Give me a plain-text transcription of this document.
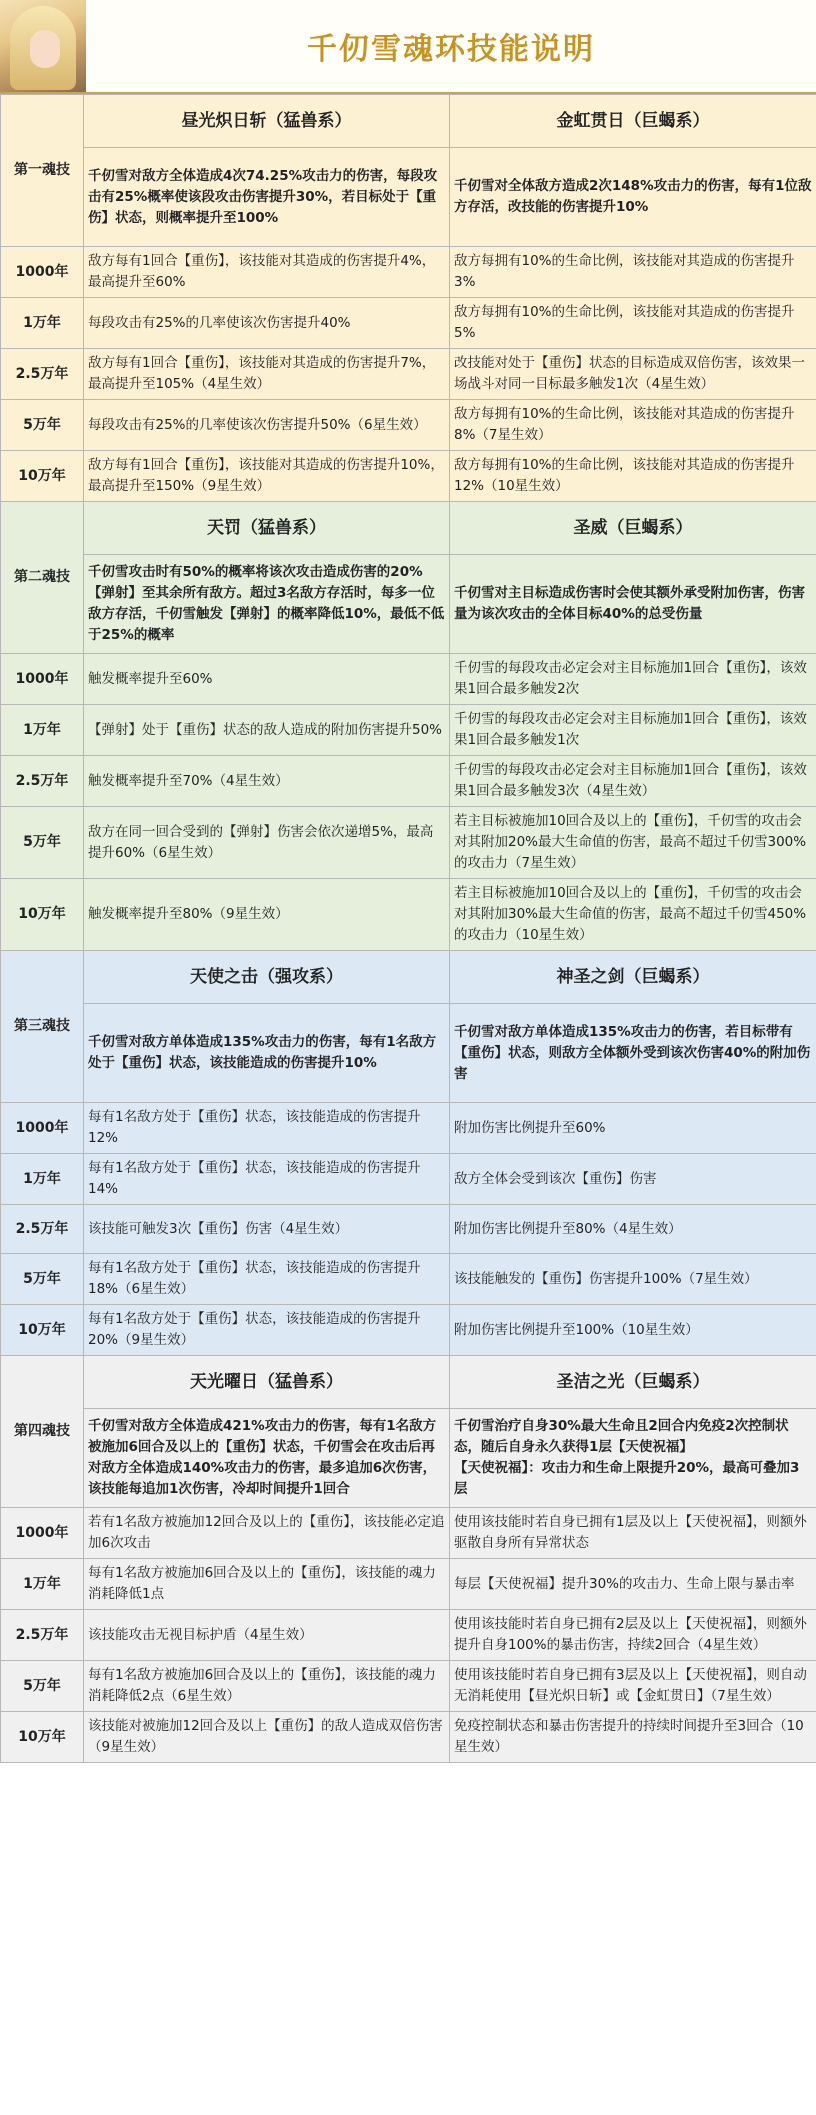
千仞雪魂环技能说明
第一魂技	昼光炽日斩（猛兽系）	金虹贯日（巨蝎系）
	千仞雪对敌方全体造成4次74.25%攻击力的伤害，每段攻击有25%概率使该段攻击伤害提升30%，若目标处于【重伤】状态，则概率提升至100%	千仞雪对全体敌方造成2次148%攻击力的伤害，每有1位敌方存活，改技能的伤害提升10%
1000年	敌方每有1回合【重伤】，该技能对其造成的伤害提升4%，最高提升至60%	敌方每拥有10%的生命比例，该技能对其造成的伤害提升3%
1万年	每段攻击有25%的几率使该次伤害提升40%	敌方每拥有10%的生命比例，该技能对其造成的伤害提升5%
2.5万年	敌方每有1回合【重伤】，该技能对其造成的伤害提升7%，最高提升至105%（4星生效）	改技能对处于【重伤】状态的目标造成双倍伤害，该效果一场战斗对同一目标最多触发1次（4星生效）
5万年	每段攻击有25%的几率使该次伤害提升50%（6星生效）	敌方每拥有10%的生命比例，该技能对其造成的伤害提升8%（7星生效）
10万年	敌方每有1回合【重伤】，该技能对其造成的伤害提升10%，最高提升至150%（9星生效）	敌方每拥有10%的生命比例，该技能对其造成的伤害提升12%（10星生效）
第二魂技	天罚（猛兽系）	圣威（巨蝎系）
	千仞雪攻击时有50%的概率将该次攻击造成伤害的20%【弹射】至其余所有敌方。超过3名敌方存活时，每多一位敌方存活，千仞雪触发【弹射】的概率降低10%，最低不低于25%的概率	千仞雪对主目标造成伤害时会使其额外承受附加伤害，伤害量为该次攻击的全体目标40%的总受伤量
1000年	触发概率提升至60%	千仞雪的每段攻击必定会对主目标施加1回合【重伤】，该效果1回合最多触发2次
1万年	【弹射】处于【重伤】状态的敌人造成的附加伤害提升50%	千仞雪的每段攻击必定会对主目标施加1回合【重伤】，该效果1回合最多触发1次
2.5万年	触发概率提升至70%（4星生效）	千仞雪的每段攻击必定会对主目标施加1回合【重伤】，该效果1回合最多触发3次（4星生效）
5万年	敌方在同一回合受到的【弹射】伤害会依次递增5%，最高提升60%（6星生效）	若主目标被施加10回合及以上的【重伤】，千仞雪的攻击会对其附加20%最大生命值的伤害，最高不超过千仞雪300%的攻击力（7星生效）
10万年	触发概率提升至80%（9星生效）	若主目标被施加10回合及以上的【重伤】，千仞雪的攻击会对其附加30%最大生命值的伤害，最高不超过千仞雪450%的攻击力（10星生效）
第三魂技	天使之击（强攻系）	神圣之剑（巨蝎系）
	千仞雪对敌方单体造成135%攻击力的伤害，每有1名敌方处于【重伤】状态，该技能造成的伤害提升10%	千仞雪对敌方单体造成135%攻击力的伤害，若目标带有【重伤】状态，则敌方全体额外受到该次伤害40%的附加伤害
1000年	每有1名敌方处于【重伤】状态，该技能造成的伤害提升12%	附加伤害比例提升至60%
1万年	每有1名敌方处于【重伤】状态，该技能造成的伤害提升14%	敌方全体会受到该次【重伤】伤害
2.5万年	该技能可触发3次【重伤】伤害（4星生效）	附加伤害比例提升至80%（4星生效）
5万年	每有1名敌方处于【重伤】状态，该技能造成的伤害提升18%（6星生效）	该技能触发的【重伤】伤害提升100%（7星生效）
10万年	每有1名敌方处于【重伤】状态，该技能造成的伤害提升20%（9星生效）	附加伤害比例提升至100%（10星生效）
第四魂技	天光曜日（猛兽系）	圣洁之光（巨蝎系）
	千仞雪对敌方全体造成421%攻击力的伤害，每有1名敌方被施加6回合及以上的【重伤】状态，千仞雪会在攻击后再对敌方全体造成140%攻击力的伤害，最多追加6次伤害，该技能每追加1次伤害，冷却时间提升1回合	千仞雪治疗自身30%最大生命且2回合内免疫2次控制状态，随后自身永久获得1层【天使祝福】
【天使祝福】：攻击力和生命上限提升20%，最高可叠加3层
1000年	若有1名敌方被施加12回合及以上的【重伤】，该技能必定追加6次攻击	使用该技能时若自身已拥有1层及以上【天使祝福】，则额外驱散自身所有异常状态
1万年	每有1名敌方被施加6回合及以上的【重伤】，该技能的魂力消耗降低1点	每层【天使祝福】提升30%的攻击力、生命上限与暴击率
2.5万年	该技能攻击无视目标护盾（4星生效）	使用该技能时若自身已拥有2层及以上【天使祝福】，则额外提升自身100%的暴击伤害，持续2回合（4星生效）
5万年	每有1名敌方被施加6回合及以上的【重伤】，该技能的魂力消耗降低2点（6星生效）	使用该技能时若自身已拥有3层及以上【天使祝福】，则自动无消耗使用【昼光炽日斩】或【金虹贯日】（7星生效）
10万年	该技能对被施加12回合及以上【重伤】的敌人造成双倍伤害（9星生效）	免疫控制状态和暴击伤害提升的持续时间提升至3回合（10星生效）
